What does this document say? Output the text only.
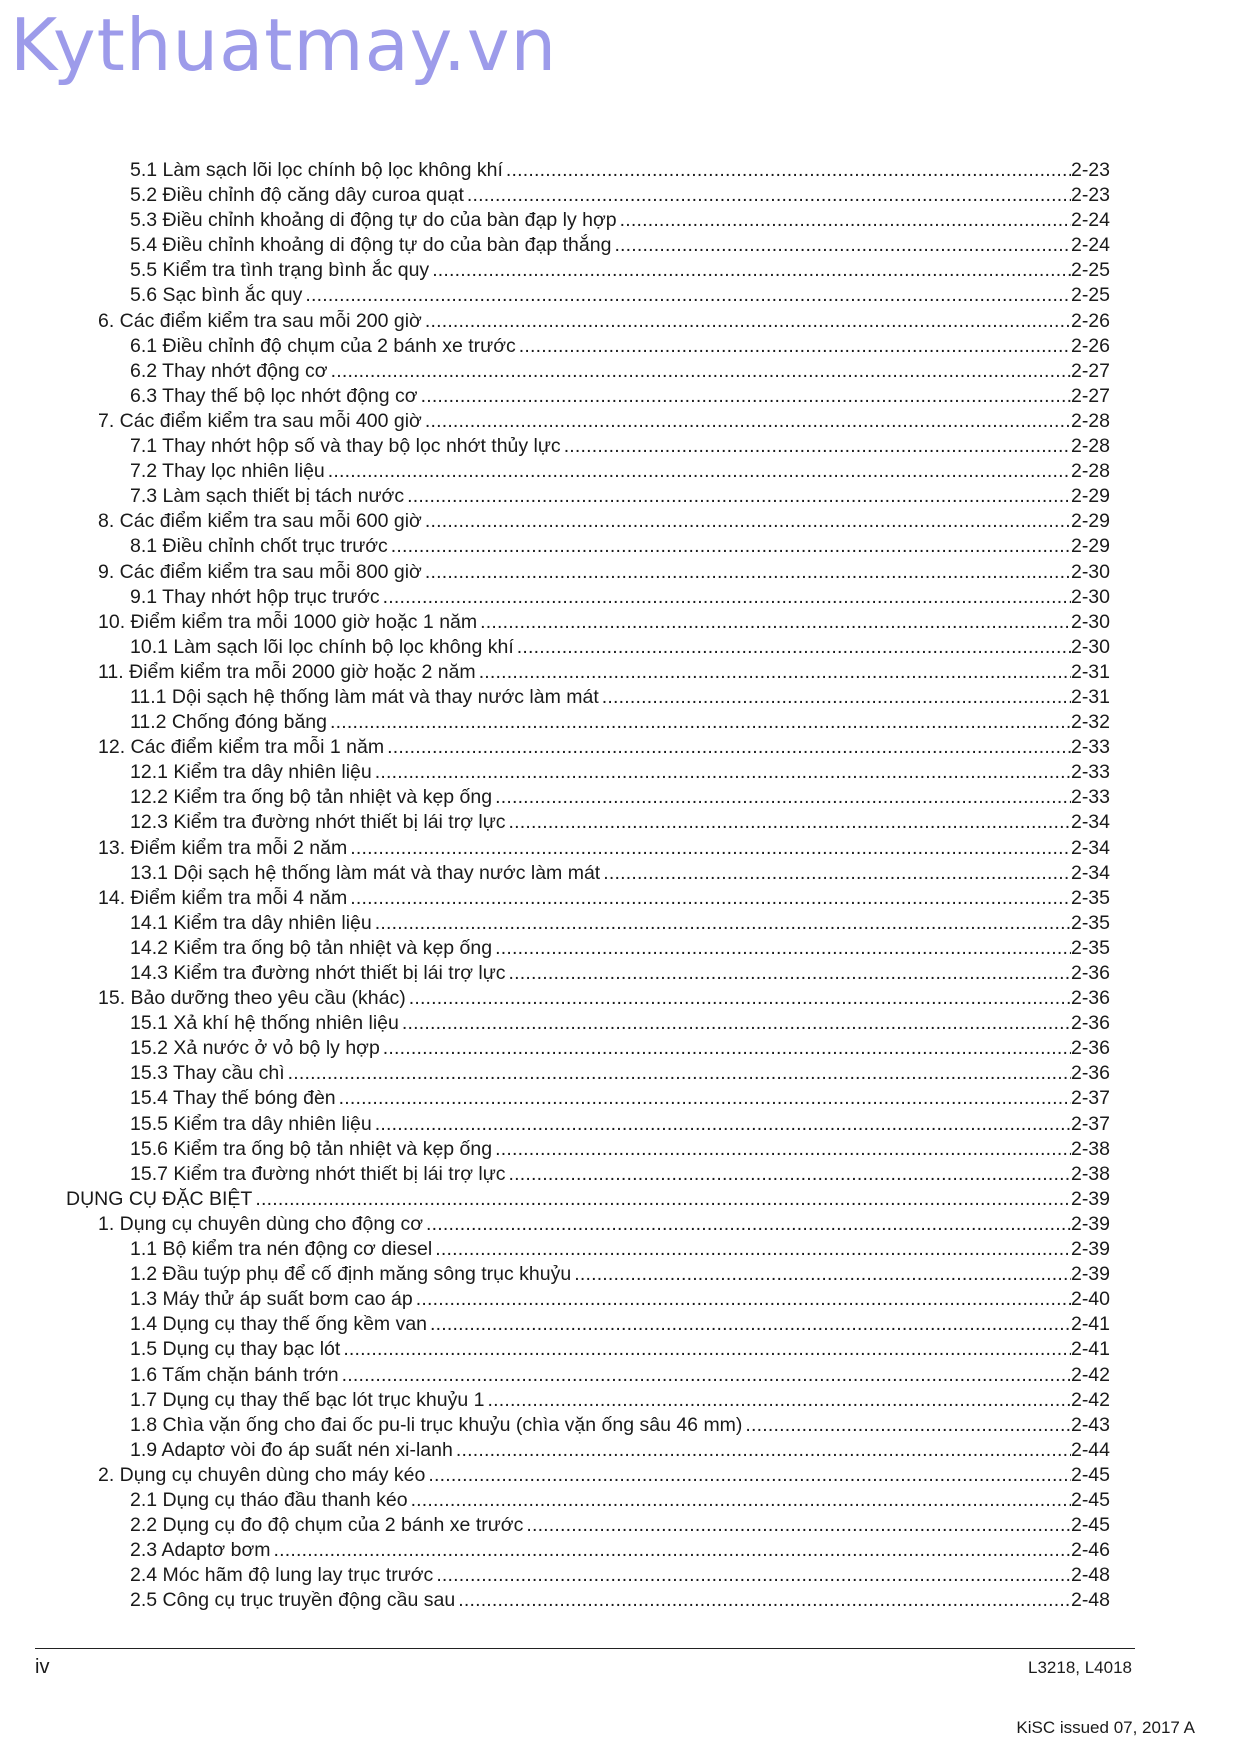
Kythuatmay.vn
5.1 Làm sạch lõi lọc chính bộ lọc không khí .....	2-23
5.2 Điều chỉnh độ căng dây curoa quạt .....	2-23
5.3 Điều chỉnh khoảng di động tự do của bàn đạp ly hợp .....	2-24
5.4 Điều chỉnh khoảng di động tự do của bàn đạp thắng .....	2-24
5.5 Kiểm tra tình trạng bình ắc quy .....	2-25
5.6 Sạc bình ắc quy .....	2-25
6. Các điểm kiểm tra sau mỗi 200 giờ .....	2-26
6.1 Điều chỉnh độ chụm của 2 bánh xe trước .....	2-26
6.2 Thay nhớt động cơ .....	2-27
6.3 Thay thế bộ lọc nhớt động cơ .....	2-27
7. Các điểm kiểm tra sau mỗi 400 giờ .....	2-28
7.1 Thay nhớt hộp số và thay bộ lọc nhớt thủy lực .....	2-28
7.2 Thay lọc nhiên liệu .....	2-28
7.3 Làm sạch thiết bị tách nước .....	2-29
8. Các điểm kiểm tra sau mỗi 600 giờ .....	2-29
8.1 Điều chỉnh chốt trục trước .....	2-29
9. Các điểm kiểm tra sau mỗi 800 giờ .....	2-30
9.1 Thay nhớt hộp trục trước .....	2-30
10. Điểm kiểm tra mỗi 1000 giờ hoặc 1 năm .....	2-30
10.1 Làm sạch lõi lọc chính bộ lọc không khí .....	2-30
11. Điểm kiểm tra mỗi 2000 giờ hoặc 2 năm .....	2-31
11.1 Dội sạch hệ thống làm mát và thay nước làm mát .....	2-31
11.2 Chống đóng băng .....	2-32
12. Các điểm kiểm tra mỗi 1 năm .....	2-33
12.1 Kiểm tra dây nhiên liệu .....	2-33
12.2 Kiểm tra ống bộ tản nhiệt và kẹp ống .....	2-33
12.3 Kiểm tra đường nhớt thiết bị lái trợ lực .....	2-34
13. Điểm kiểm tra mỗi 2 năm .....	2-34
13.1 Dội sạch hệ thống làm mát và thay nước làm mát .....	2-34
14. Điểm kiểm tra mỗi 4 năm .....	2-35
14.1 Kiểm tra dây nhiên liệu .....	2-35
14.2 Kiểm tra ống bộ tản nhiệt và kẹp ống .....	2-35
14.3 Kiểm tra đường nhớt thiết bị lái trợ lực .....	2-36
15. Bảo dưỡng theo yêu cầu (khác) .....	2-36
15.1 Xả khí hệ thống nhiên liệu .....	2-36
15.2 Xả nước ở vỏ bộ ly hợp .....	2-36
15.3 Thay cầu chì .....	2-36
15.4 Thay thế bóng đèn .....	2-37
15.5 Kiểm tra dây nhiên liệu .....	2-37
15.6 Kiểm tra ống bộ tản nhiệt và kẹp ống .....	2-38
15.7 Kiểm tra đường nhớt thiết bị lái trợ lực .....	2-38
DỤNG CỤ ĐẶC BIỆT .....	2-39
1. Dụng cụ chuyên dùng cho động cơ .....	2-39
1.1 Bộ kiểm tra nén động cơ diesel .....	2-39
1.2 Đầu tuýp phụ để cố định măng sông trục khuỷu .....	2-39
1.3 Máy thử áp suất bơm cao áp .....	2-40
1.4 Dụng cụ thay thế ống kềm van .....	2-41
1.5 Dụng cụ thay bạc lót .....	2-41
1.6 Tấm chặn bánh trớn .....	2-42
1.7 Dụng cụ thay thế bạc lót trục khuỷu 1 .....	2-42
1.8 Chìa vặn ống cho đai ốc pu-li trục khuỷu (chìa vặn ống sâu 46 mm) .....	2-43
1.9 Adaptơ vòi đo áp suất nén xi-lanh .....	2-44
2. Dụng cụ chuyên dùng cho máy kéo .....	2-45
2.1 Dụng cụ tháo đầu thanh kéo .....	2-45
2.2 Dụng cụ đo độ chụm của 2 bánh xe trước .....	2-45
2.3 Adaptơ bơm .....	2-46
2.4 Móc hãm độ lung lay trục trước .....	2-48
2.5 Công cụ trục truyền động cầu sau .....	2-48
iv	L3218, L4018
KiSC issued 07, 2017 A
